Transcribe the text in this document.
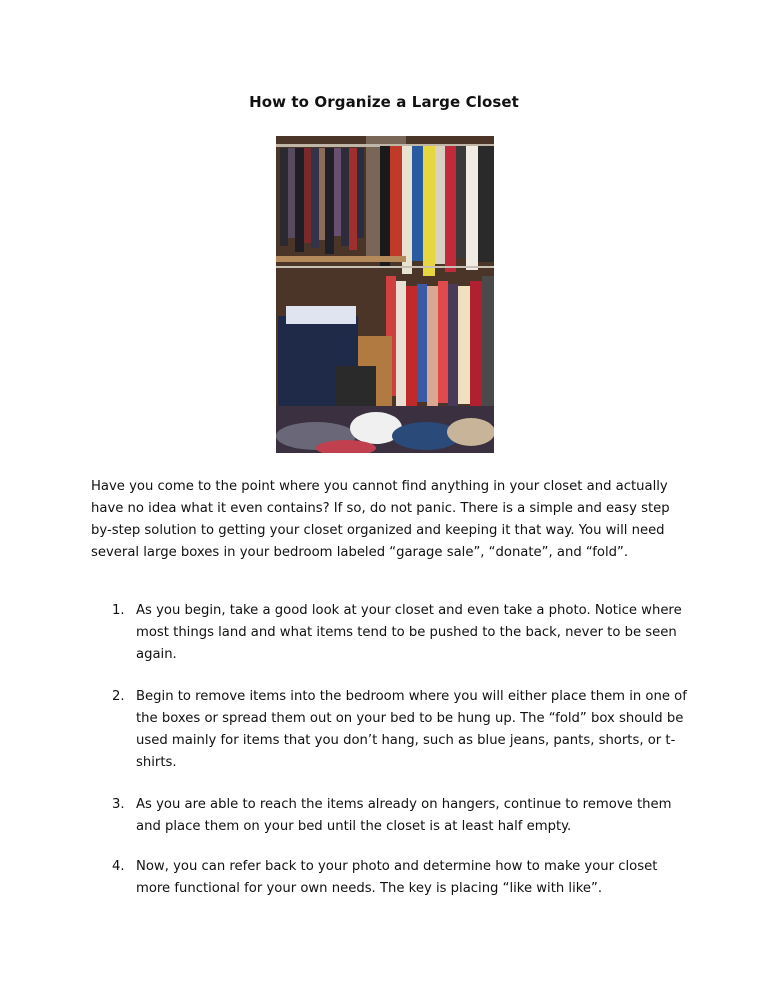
How to Organize a Large Closet
Have you come to the point where you cannot find anything in your closet and actually have no idea what it even contains? If so, do not panic. There is a simple and easy step by-step solution to getting your closet organized and keeping it that way. You will need several large boxes in your bedroom labeled “garage sale”, “donate”, and “fold”.
1. As you begin, take a good look at your closet and even take a photo. Notice where most things land and what items tend to be pushed to the back, never to be seen again.
2. Begin to remove items into the bedroom where you will either place them in one of the boxes or spread them out on your bed to be hung up. The “fold” box should be used mainly for items that you don’t hang, such as blue jeans, pants, shorts, or t-shirts.
3. As you are able to reach the items already on hangers, continue to remove them and place them on your bed until the closet is at least half empty.
4. Now, you can refer back to your photo and determine how to make your closet more functional for your own needs. The key is placing “like with like”.
